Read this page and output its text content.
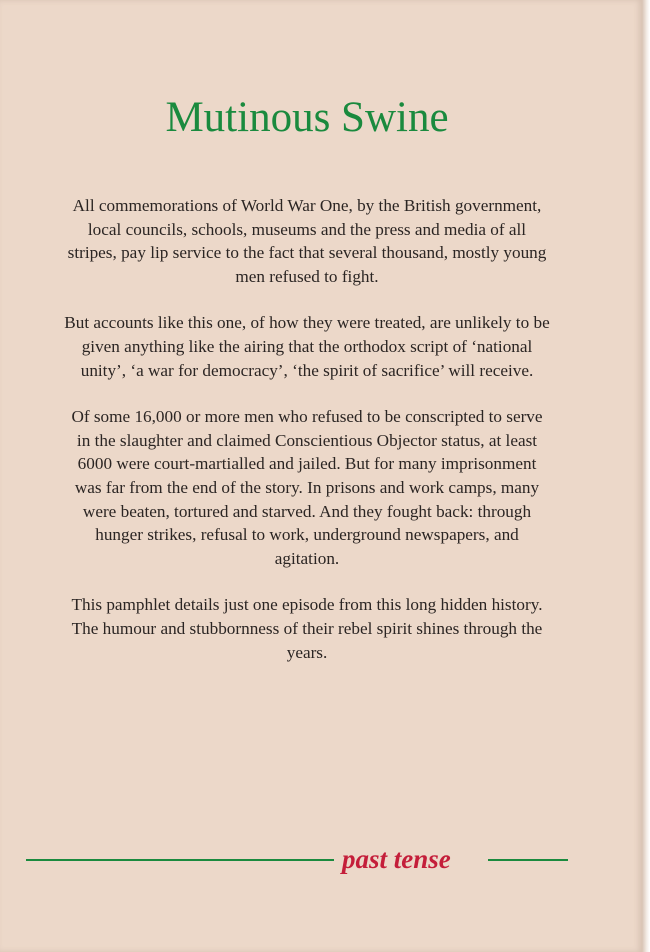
Mutinous Swine

All commemorations of World War One, by the British government, local councils, schools, museums and the press and media of all stripes, pay lip service to the fact that several thousand, mostly young men refused to fight.

But accounts like this one, of how they were treated, are unlikely to be given anything like the airing that the orthodox script of ‘national unity’, ‘a war for democracy’, ‘the spirit of sacrifice’ will receive.

Of some 16,000 or more men who refused to be conscripted to serve in the slaughter and claimed Conscientious Objector status, at least 6000 were court-martialled and jailed. But for many imprisonment was far from the end of the story. In prisons and work camps, many were beaten, tortured and starved. And they fought back: through hunger strikes, refusal to work, underground newspapers, and agitation.

This pamphlet details just one episode from this long hidden history. The humour and stubbornness of their rebel spirit shines through the years.

past tense
